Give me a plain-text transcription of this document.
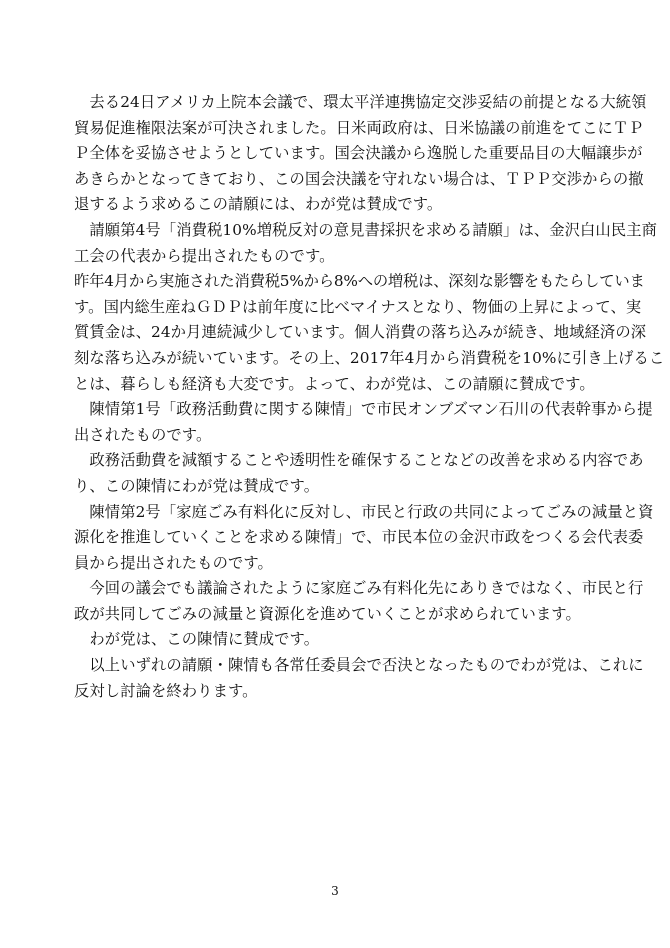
　去る24日アメリカ上院本会議で、環太平洋連携協定交渉妥結の前提となる大統領
貿易促進権限法案が可決されました。日米両政府は、日米協議の前進をてこにＴＰ
Ｐ全体を妥協させようとしています。国会決議から逸脱した重要品目の大幅譲歩が
あきらかとなってきており、この国会決議を守れない場合は、ＴＰＰ交渉からの撤
退するよう求めるこの請願には、わが党は賛成です。
　請願第4号「消費税10%増税反対の意見書採択を求める請願」は、金沢白山民主商
工会の代表から提出されたものです。
昨年4月から実施された消費税5%から8%への増税は、深刻な影響をもたらしていま
す。国内総生産ねＧＤＰは前年度に比べマイナスとなり、物価の上昇によって、実
質賃金は、24か月連続減少しています。個人消費の落ち込みが続き、地域経済の深
刻な落ち込みが続いています。その上、2017年4月から消費税を10%に引き上げるこ
とは、暮らしも経済も大変です。よって、わが党は、この請願に賛成です。
　陳情第1号「政務活動費に関する陳情」で市民オンブズマン石川の代表幹事から提
出されたものです。
　政務活動費を減額することや透明性を確保することなどの改善を求める内容であ
り、この陳情にわが党は賛成です。
　陳情第2号「家庭ごみ有料化に反対し、市民と行政の共同によってごみの減量と資
源化を推進していくことを求める陳情」で、市民本位の金沢市政をつくる会代表委
員から提出されたものです。
　今回の議会でも議論されたように家庭ごみ有料化先にありきではなく、市民と行
政が共同してごみの減量と資源化を進めていくことが求められています。
　わが党は、この陳情に賛成です。
　以上いずれの請願・陳情も各常任委員会で否決となったものでわが党は、これに
反対し討論を終わります。
3
